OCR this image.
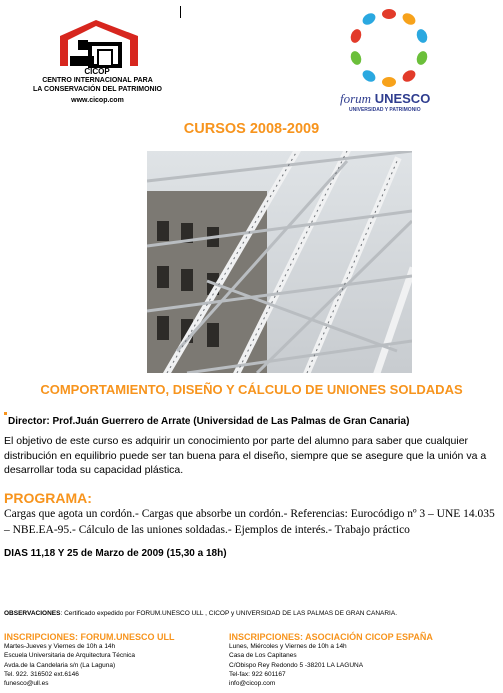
CICOP
CENTRO INTERNACIONAL PARA
LA CONSERVACIÓN DEL PATRIMONIO
www.cicop.com	forum UNESCO
UNIVERSIDAD Y PATRIMONIO
CURSOS 2008-2009
COMPORTAMIENTO, DISEÑO Y CÁLCULO DE UNIONES SOLDADAS
Director: Prof.Juán Guerrero de Arrate (Universidad de Las Palmas de Gran Canaria)
El objetivo de este curso es adquirir un conocimiento por parte del alumno para saber que cualquier distribución en equilibrio puede ser tan buena para el diseño, siempre que se asegure que la unión va a desarrollar toda su capacidad plástica.
PROGRAMA:
Cargas que agota un cordón.- Cargas que absorbe un cordón.- Referencias: Eurocódigo nº 3 – UNE 14.035 – NBE.EA-95.- Cálculo de las uniones soldadas.- Ejemplos de interés.- Trabajo práctico
DIAS 11,18 Y 25 de Marzo de 2009 (15,30 a 18h)
OBSERVACIONES: Certificado expedido por FORUM.UNESCO ULL , CICOP y UNIVERSIDAD DE LAS PALMAS DE GRAN CANARIA.
INSCRIPCIONES: FORUM.UNESCO ULL
Martes-Jueves y Viernes de 10h a 14h
Escuela Universitaria de Arquitectura Técnica
Avda.de la Candelaria s/n (La Laguna)
Tel. 922. 316502 ext.6146
funesco@ull.es
INSCRIPCIONES: ASOCIACIÓN CICOP ESPAÑA
Lunes, Miércoles y Viernes de 10h a 14h
Casa de Los Capitanes
C/Obispo Rey Redondo 5 -38201 LA LAGUNA
Tel-fax: 922 601167
info@cicop.com
